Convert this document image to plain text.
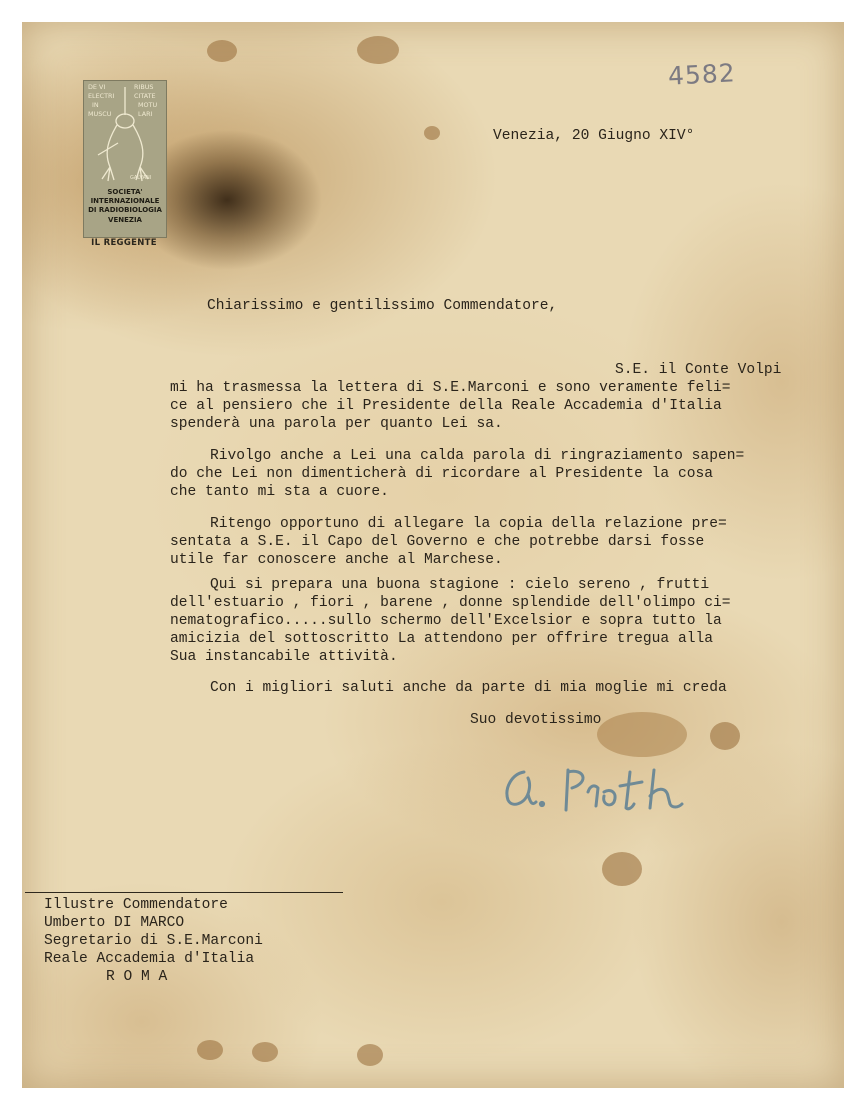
DE VI	RIBUS
ELECTRI	CITATE
IN	MOTU
MUSCU	LARI
GALVANI
SOCIETA'
INTERNAZIONALE
DI RADIOBIOLOGIA
VENEZIA
IL REGGENTE
4582
Venezia, 20 Giugno XIV°
Chiarissimo e gentilissimo Commendatore,
S.E. il Conte Volpi
mi ha trasmessa la lettera di S.E.Marconi e sono veramente feli=
ce al pensiero che il Presidente della Reale Accademia d'Italia
spenderà una parola per quanto Lei sa.
Rivolgo anche a Lei una calda parola di ringraziamento sapen=
do che Lei non dimenticherà di ricordare al Presidente la cosa
che tanto mi sta a cuore.
Ritengo opportuno di allegare la copia della relazione pre=
sentata a S.E. il Capo del Governo e che potrebbe darsi fosse
utile far conoscere anche al Marchese.
Qui si prepara una buona stagione : cielo sereno , frutti
dell'estuario , fiori , barene , donne splendide dell'olimpo ci=
nematografico.....sullo schermo dell'Excelsior e sopra tutto la
amicizia del sottoscritto La attendono per offrire tregua alla
Sua instancabile attività.
Con i migliori saluti anche da parte di mia moglie mi creda
Suo devotissimo
Illustre Commendatore
Umberto DI MARCO
Segretario di S.E.Marconi
Reale Accademia d'Italia
R O M A
